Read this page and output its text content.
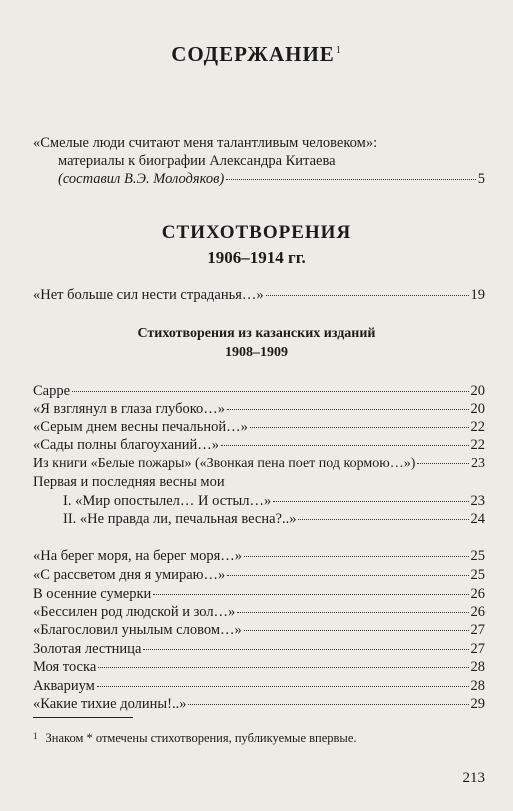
СОДЕРЖАНИЕ$^1$
«Смелые люди считают меня талантливым человеком»:
материалы к биографии Александра Китаева
(составил В.Э. Молодяков)	5
СТИХОТВОРЕНИЯ
1906–1914 гг.
«Нет больше сил нести страданья…»	19
Стихотворения из казанских изданий
1908–1909
Сарре	20
«Я взглянул в глаза глубоко…»	20
«Серым днем весны печальной…»	22
«Сады полны благоуханий…»	22
Из книги «Белые пожары» («Звонкая пена поет под кормою…»)	23
Первая и последняя весны мои
I. «Мир опостылел… И остыл…»	23
II. «Не правда ли, печальная весна?..»	24
«На берег моря, на берег моря…»	25
«С рассветом дня я умираю…»	25
В осенние сумерки	26
«Бессилен род людской и зол…»	26
«Благословил унылым словом…»	27
Золотая лестница	27
Моя тоска	28
Аквариум	28
«Какие тихие долины!..»	29
$^1$ Знаком * отмечены стихотворения, публикуемые впервые.
213
